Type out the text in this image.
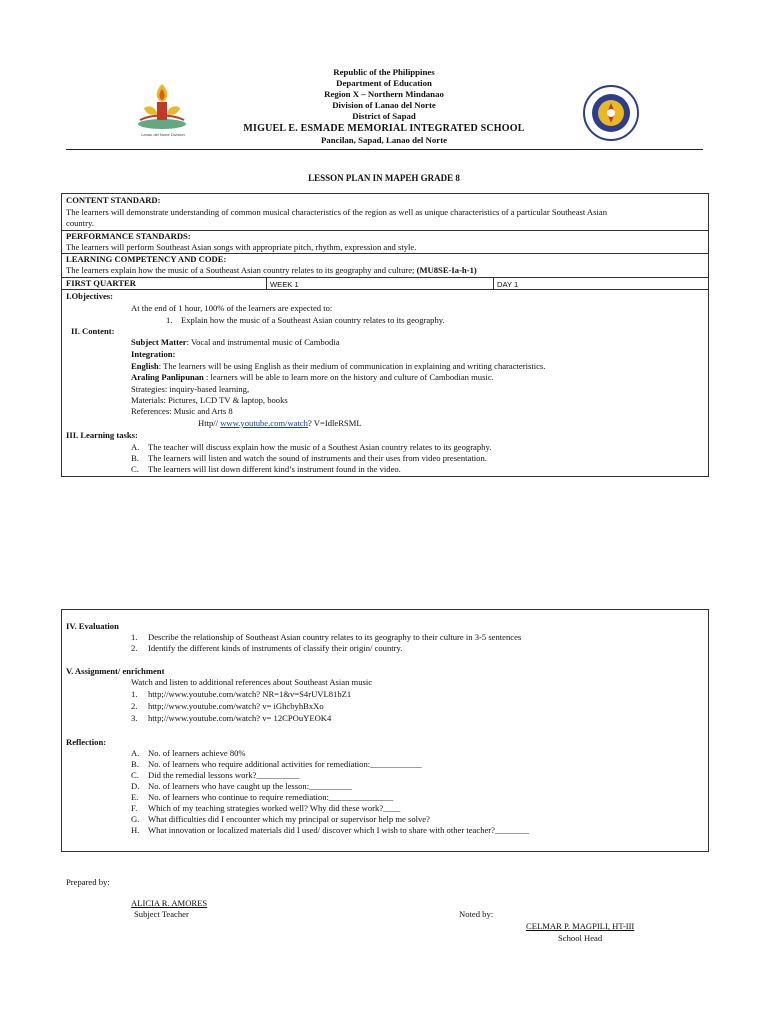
Lanao del Norte Division
Republic of the Philippines
Department of Education
Region X – Northern Mindanao
Division of Lanao del Norte
District of Sapad
MIGUEL E. ESMADE MEMORIAL INTEGRATED SCHOOL
Pancilan, Sapad, Lanao del Norte
LESSON PLAN IN MAPEH GRADE 8
CONTENT STANDARD:
The learners will demonstrate understanding of common musical characteristics of the region as well as unique characteristics of a particular Southeast Asian
country.
PERFORMANCE STANDARDS:
The learners will perform Southeast Asian songs with appropriate pitch, rhythm, expression and style.
LEARNING COMPETENCY AND CODE:
The learners explain how the music of a Southeast Asian country relates to its geography and culture; (MU8SE-Ia-h-1)
FIRST QUARTER	WEEK 1	DAY 1
I.Objectives:
At the end of 1 hour, 100% of the learners are expected to:
1. Explain how the music of a Southeast Asian country relates to its geography.
II. Content:
Subject Matter: Vocal and instrumental music of Cambodia
Integration:
English: The learners will be using English as their medium of communication in explaining and writing characteristics.
Araling Panlipunan : learners will be able to learn more on the history and culture of Cambodian music.
Strategies: inquiry-based learning,
Materials: Pictures, LCD TV & laptop, books
References: Music and Arts 8
Http// www.youtube.com/watch? V=IdleRSML
III. Learning tasks:
A. The teacher will discuss explain how the music of a Southest Asian country relates to its geography.
B. The learners will listen and watch the sound of instruments and their uses from video presentation.
C. The learners will list down different kind’s instrument found in the video.
IV. Evaluation
1. Describe the relationship of Southeast Asian country relates to its geography to their culture in 3-5 sentences
2. Identify the different kinds of instruments of classify their origin/ country.
V. Assignment/ enrichment
Watch and listen to additional references about Southeast Asian music
1. http;//www.youtube.com/watch? NR=1&v=S4rUVL81bZ1
2. http;//www.youtube.com/watch? v= iGhcbyhBxXo
3. http;//www.youtube.com/watch? v= 12CPOuYEOK4
Reflection:
A. No. of learners achieve 80%
B. No. of learners who require additional activities for remediation:____________
C. Did the remedial lessons work?__________
D. No. of learners who have caught up the lesson:__________
E. No. of learners who continue to require remediation:_______________
F. Which of my teaching strategies worked well? Why did these work?____
G. What difficulties did I encounter which my principal or supervisor help me solve?
H. What innovation or localized materials did I used/ discover which I wish to share with other teacher?________
Prepared by:
ALICIA R. AMORES
Subject Teacher	Noted by:
CELMAR P. MAGPILI, HT-III
School Head
